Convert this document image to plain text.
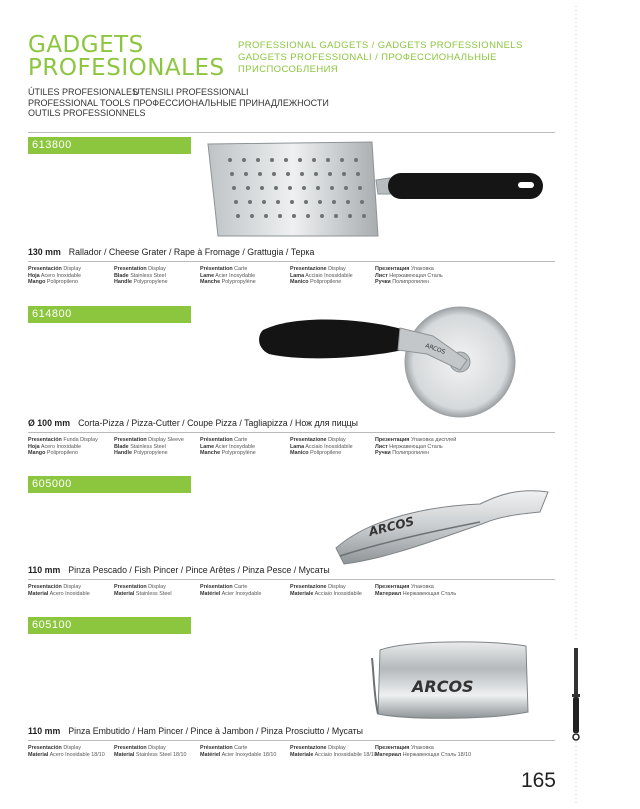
GADGETS
PROFESIONALES
PROFESSIONAL GADGETS / GADGETS PROFESSIONNELS
GADGETS PROFESSIONALI / ПРОФЕССИОНАЛЬНЫЕ
ПРИСПОСОБЛЕНИЯ
ÚTILES PROFESIONALES
PROFESSIONAL TOOLS
OUTILS PROFESSIONNELS
UTENSILI PROFESSIONALI
ПРОФЕССИОНАЛЬНЫЕ ПРИНАДЛЕЖНОСТИ
613800
130 mm Rallador / Cheese Grater / Rape à Fromage / Grattugia / Терка
Presentación Display
Hoja Acero Inoxidable
Mango Polipropileno
Presentation Display
Blade Stainless Steel
Handle Polypropylene
Présentation Carte
Lame Acier Inoxydable
Manche Polypropylène
Presentazione Display
Lama Acciaio Inossidabile
Manico Polipropilene
Презентация Упаковка
Лист Нержавеющая Сталь
Ручки Полипропилен
614800
ARCOS
Ø 100 mm Corta-Pizza / Pizza-Cutter / Coupe Pizza / Tagliapizza / Нож для пиццы
Presentación Funda Display
Hoja Acero Inoxidable
Mango Polipropileno
Presentation Display Sleeve
Blade Stainless Steel
Handle Polypropylene
Présentation Carte
Lame Acier Inoxydable
Manche Polypropylène
Presentazione Display
Lama Acciaio Inossidabile
Manico Polipropilene
Презентация Упаковка дисплей
Лист Нержавеющая Сталь
Ручки Полипропилен
605000
ARCOS
110 mm Pinza Pescado / Fish Pincer / Pince Arêtes / Pinza Pesce / Мусаты
Presentación Display
Material Acero Inoxidable
Presentation Display
Material Stainless Steel
Présentation Carte
Matériel Acier Inoxydable
Presentazione Display
Materiale Acciaio Inossidabile
Презентация Упаковка
Материал Нержавеющая Сталь
605100
ARCOS
110 mm Pinza Embutido / Ham Pincer / Pince à Jambon / Pinza Prosciutto / Мусаты
Presentación Display
Material Acero Inoxidable 18/10
Presentation Display
Material Stainless Steel 18/10
Présentation Carte
Matériel Acier Inoxydable 18/10
Presentazione Display
Materiale Acciaio Inossidabile 18/10
Презентация Упаковка
Материал Нержавеющая Сталь 18/10
165
